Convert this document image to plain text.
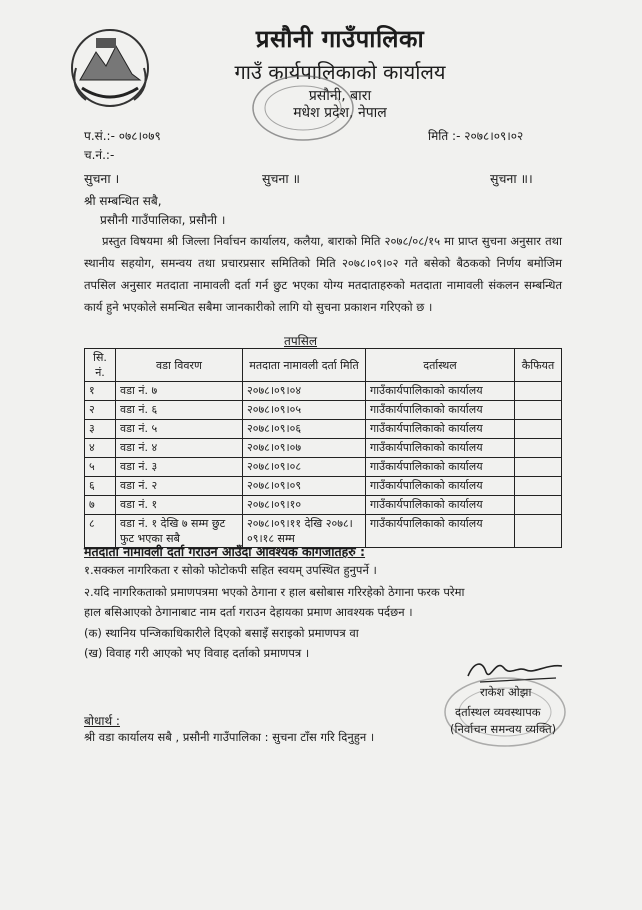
प्रसौनी गाउँपालिका
गाउँ कार्यपालिकाको कार्यालय
प्रसौनी, बारा
मधेश प्रदेश, नेपाल
प.सं.:- ०७८।०७९
च.नं.:-
मिति :- २०७८।०९।०२
सुचना ।	सुचना ॥	सुचना ॥।
श्री सम्बन्धित सबै,
प्रसौनी गाउँपालिका, प्रसौनी ।
प्रस्तुत विषयमा श्री जिल्ला निर्वाचन कार्यालय, कलैया, बाराको मिति २०७८/०८/१५ मा प्राप्त सुचना अनुसार तथा स्थानीय सहयोग, समन्वय तथा प्रचारप्रसार समितिको मिति २०७८।०९।०२ गते बसेको बैठकको निर्णय बमोजिम तपसिल अनुसार मतदाता नामावली दर्ता गर्न छुट भएका योग्य मतदाताहरुको मतदाता नामावली संकलन सम्बन्धित कार्य हुने भएकोले समन्धित सबैमा जानकारीको लागि यो सुचना प्रकाशन गरिएको छ ।
तपसिल
सि. नं.	वडा विवरण	मतदाता नामावली दर्ता मिति	दर्तास्थल	कैफियत
१	वडा नं. ७	२०७८।०९।०४	गाउँकार्यपालिकाको कार्यालय	
२	वडा नं. ६	२०७८।०९।०५	गाउँकार्यपालिकाको कार्यालय	
३	वडा नं. ५	२०७८।०९।०६	गाउँकार्यपालिकाको कार्यालय	
४	वडा नं. ४	२०७८।०९।०७	गाउँकार्यपालिकाको कार्यालय	
५	वडा नं. ३	२०७८।०९।०८	गाउँकार्यपालिकाको कार्यालय	
६	वडा नं. २	२०७८।०९।०९	गाउँकार्यपालिकाको कार्यालय	
७	वडा नं. १	२०७८।०९।१०	गाउँकार्यपालिकाको कार्यालय	
८	वडा नं. १ देखि ७ सम्म छुट फुट भएका सबै	२०७८।०९।११ देखि २०७८।०९।१८ सम्म	गाउँकार्यपालिकाको कार्यालय	
मतदाता नामावली दर्ता गराउन आउँदा आवश्यक कागजातहरु :
१.सक्कल नागरिकता र सोको फोटोकपी सहित स्वयम् उपस्थित हुनुपर्ने ।
२.यदि नागरिकताको प्रमाणपत्रमा भएको ठेगाना र हाल बसोबास गरिरहेको ठेगाना फरक परेमा
हाल बसिआएको ठेगानाबाट नाम दर्ता गराउन देहायका प्रमाण आवश्यक पर्दछन ।
(क) स्थानिय पन्जिकाधिकारीले दिएको बसाइँ सराइको प्रमाणपत्र वा
(ख) विवाह गरी आएको भए विवाह दर्ताको प्रमाणपत्र ।
राकेश ओझा
दर्तास्थल व्यवस्थापक
(निर्वाचन समन्वय व्यक्ति)
बोधार्थ :
श्री वडा कार्यालय सबै , प्रसौनी गाउँपालिका : सुचना टाँस गरि दिनुहुन ।
